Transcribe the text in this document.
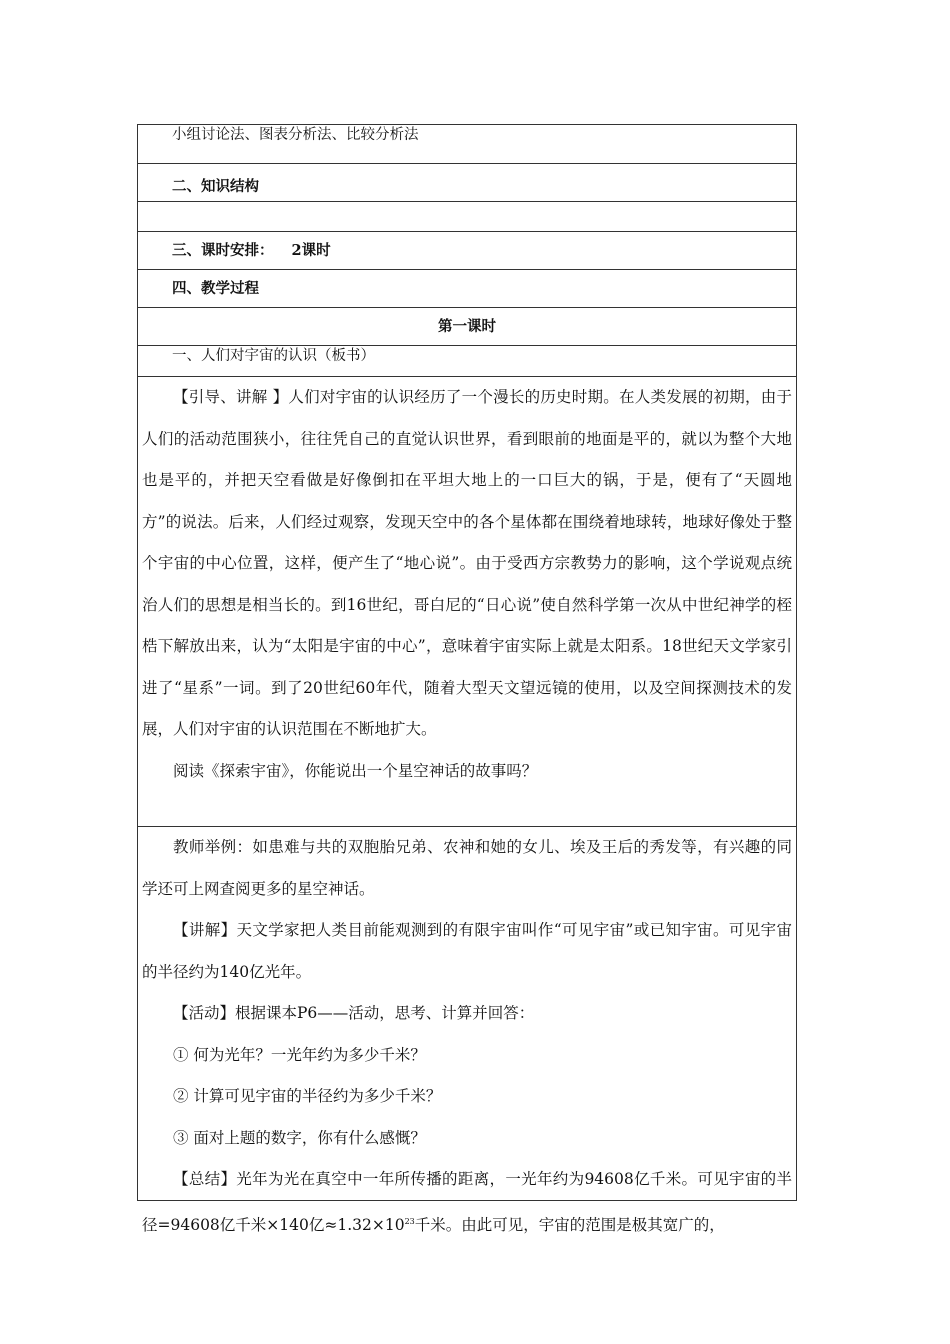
小组讨论法、图表分析法、比较分析法
二、知识结构
三、课时安排： 2课时
四、教学过程
第一课时
一、人们对宇宙的认识（板书）

【引导、讲解 】人们对宇宙的认识经历了一个漫长的历史时期。在人类发展的初期，由于人们的活动范围狭小，往往凭自己的直觉认识世界，看到眼前的地面是平的，就以为整个大地也是平的，并把天空看做是好像倒扣在平坦大地上的一口巨大的锅，于是，便有了“天圆地方”的说法。后来，人们经过观察，发现天空中的各个星体都在围绕着地球转，地球好像处于整个宇宙的中心位置，这样，便产生了“地心说”。由于受西方宗教势力的影响，这个学说观点统治人们的思想是相当长的。到16世纪，哥白尼的“日心说”使自然科学第一次从中世纪神学的桎梏下解放出来，认为“太阳是宇宙的中心”，意味着宇宙实际上就是太阳系。18世纪天文学家引进了“星系”一词。到了20世纪60年代，随着大型天文望远镜的使用，以及空间探测技术的发展，人们对宇宙的认识范围在不断地扩大。

阅读《探索宇宙》，你能说出一个星空神话的故事吗？

教师举例：如患难与共的双胞胎兄弟、农神和她的女儿、埃及王后的秀发等，有兴趣的同学还可上网查阅更多的星空神话。

【讲解】天文学家把人类目前能观测到的有限宇宙叫作“可见宇宙”或已知宇宙。可见宇宙的半径约为140亿光年。

【活动】根据课本P6——活动，思考、计算并回答：

① 何为光年？一光年约为多少千米？

② 计算可见宇宙的半径约为多少千米？

③ 面对上题的数字，你有什么感慨？

【总结】光年为光在真空中一年所传播的距离，一光年约为94608亿千米。可见宇宙的半径=94608亿千米×140亿$\approx 1.32\times 10^{23}$千米。由此可见，宇宙的范围是极其宽广的，
